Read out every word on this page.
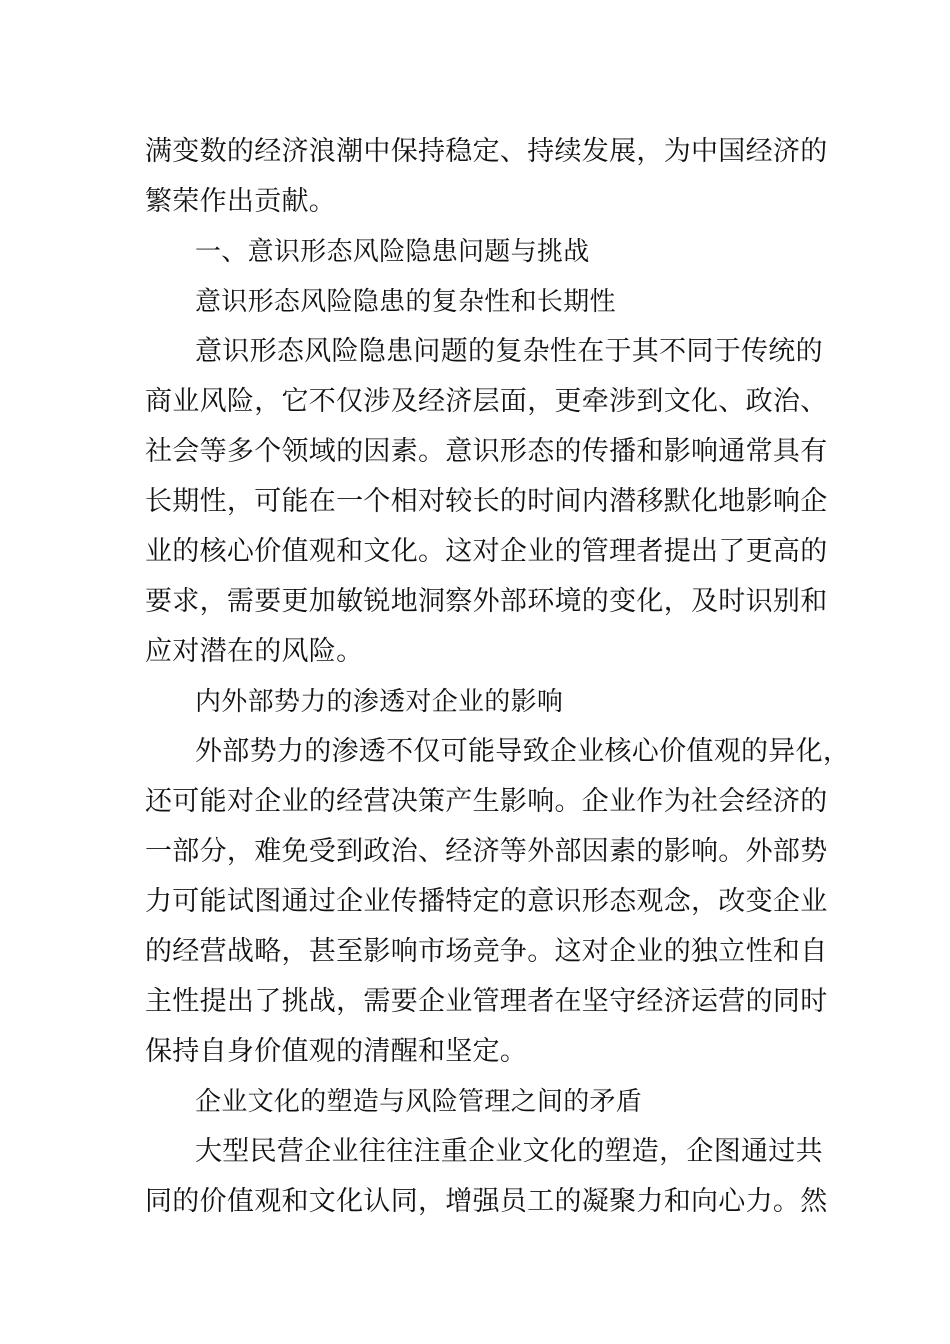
满变数的经济浪潮中保持稳定、持续发展，为中国经济的
繁荣作出贡献。
一、意识形态风险隐患问题与挑战
意识形态风险隐患的复杂性和长期性
意识形态风险隐患问题的复杂性在于其不同于传统的
商业风险，它不仅涉及经济层面，更牵涉到文化、政治、
社会等多个领域的因素。意识形态的传播和影响通常具有
长期性，可能在一个相对较长的时间内潜移默化地影响企
业的核心价值观和文化。这对企业的管理者提出了更高的
要求，需要更加敏锐地洞察外部环境的变化，及时识别和
应对潜在的风险。
内外部势力的渗透对企业的影响
外部势力的渗透不仅可能导致企业核心价值观的异化，
还可能对企业的经营决策产生影响。企业作为社会经济的
一部分，难免受到政治、经济等外部因素的影响。外部势
力可能试图通过企业传播特定的意识形态观念，改变企业
的经营战略，甚至影响市场竞争。这对企业的独立性和自
主性提出了挑战，需要企业管理者在坚守经济运营的同时
保持自身价值观的清醒和坚定。
企业文化的塑造与风险管理之间的矛盾
大型民营企业往往注重企业文化的塑造，企图通过共
同的价值观和文化认同，增强员工的凝聚力和向心力。然
